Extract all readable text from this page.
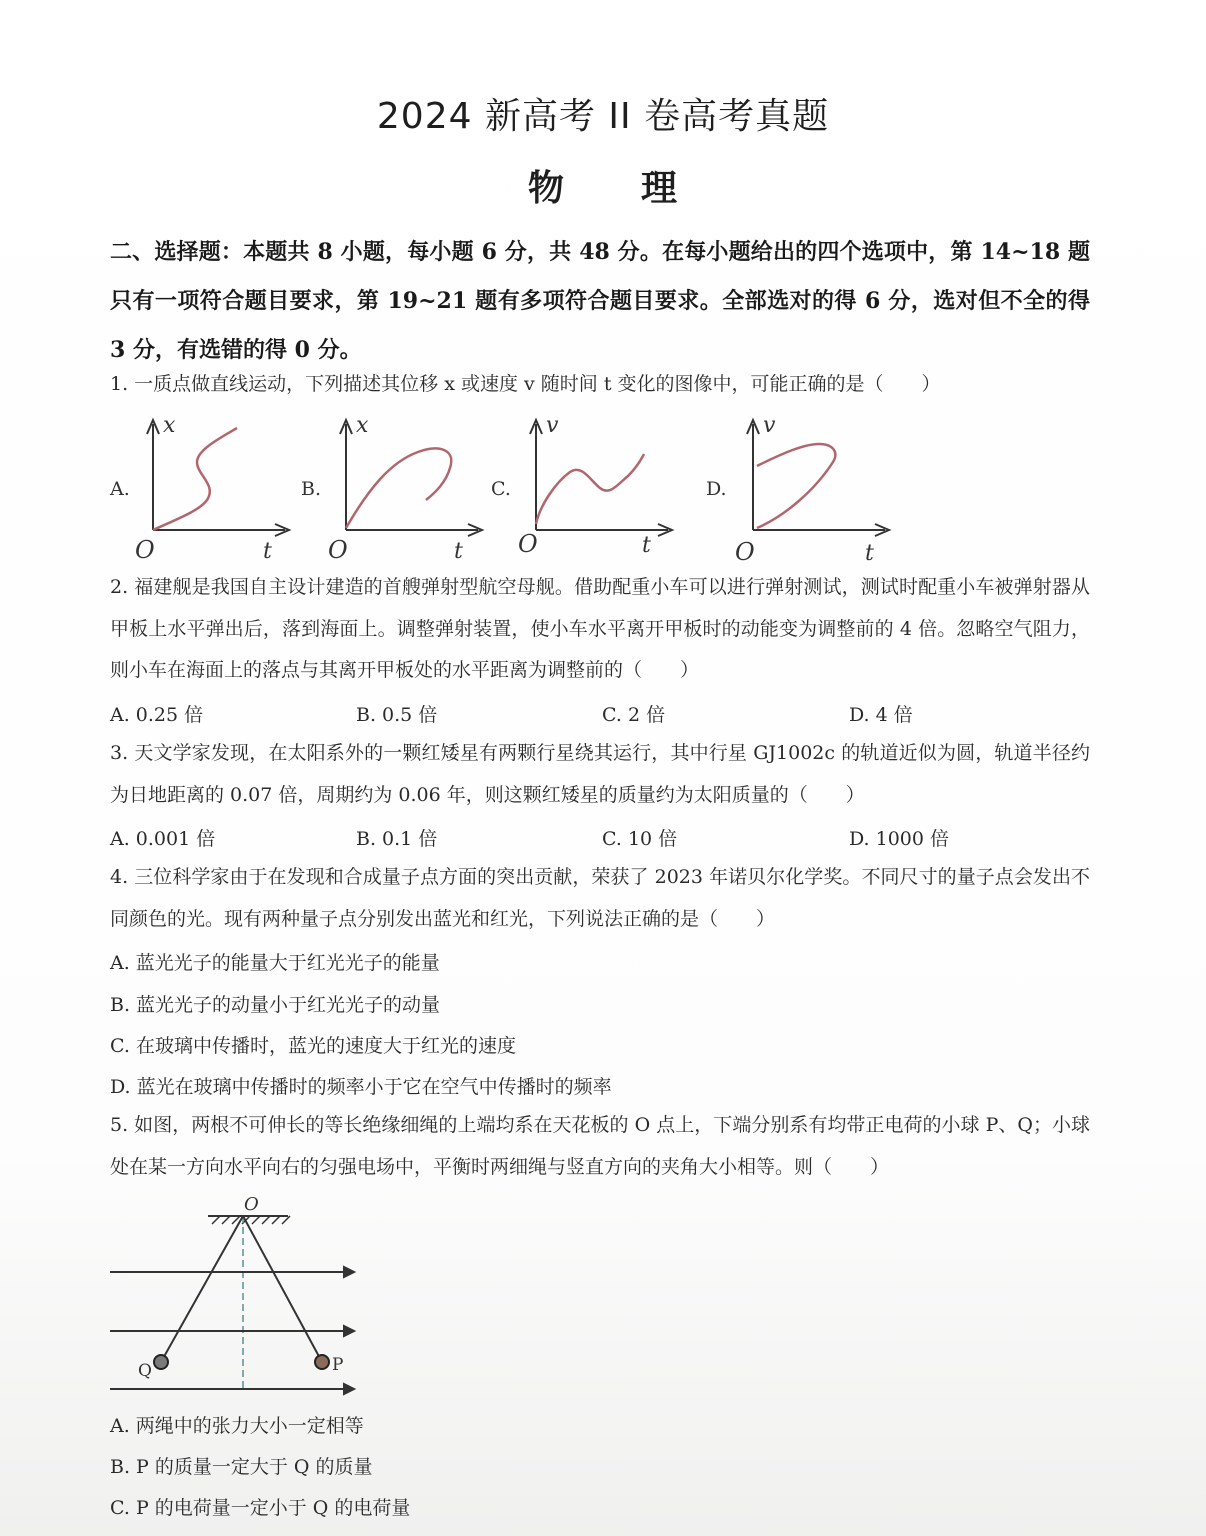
2024 新高考 II 卷高考真题
物 理
二、选择题：本题共 8 小题，每小题 6 分，共 48 分。在每小题给出的四个选项中，第 14~18 题只有一项符合题目要求，第 19~21 题有多项符合题目要求。全部选对的得 6 分，选对但不全的得 3 分，有选错的得 0 分。
1. 一质点做直线运动，下列描述其位移 x 或速度 v 随时间 t 变化的图像中，可能正确的是（　　）
A.
x
t
O
B.
x
t
O
C.
v
t
O
D.
v
t
O
2. 福建舰是我国自主设计建造的首艘弹射型航空母舰。借助配重小车可以进行弹射测试，测试时配重小车被弹射器从甲板上水平弹出后，落到海面上。调整弹射装置，使小车水平离开甲板时的动能变为调整前的 4 倍。忽略空气阻力，则小车在海面上的落点与其离开甲板处的水平距离为调整前的（　　）
A. 0.25 倍	B. 0.5 倍	C. 2 倍	D. 4 倍
3. 天文学家发现，在太阳系外的一颗红矮星有两颗行星绕其运行，其中行星 GJ1002c 的轨道近似为圆，轨道半径约为日地距离的 0.07 倍，周期约为 0.06 年，则这颗红矮星的质量约为太阳质量的（　　）
A. 0.001 倍	B. 0.1 倍	C. 10 倍	D. 1000 倍
4. 三位科学家由于在发现和合成量子点方面的突出贡献，荣获了 2023 年诺贝尔化学奖。不同尺寸的量子点会发出不同颜色的光。现有两种量子点分别发出蓝光和红光，下列说法正确的是（　　）
A. 蓝光光子的能量大于红光光子的能量
B. 蓝光光子的动量小于红光光子的动量
C. 在玻璃中传播时，蓝光的速度大于红光的速度
D. 蓝光在玻璃中传播时的频率小于它在空气中传播时的频率
5. 如图，两根不可伸长的等长绝缘细绳的上端均系在天花板的 O 点上，下端分别系有均带正电荷的小球 P、Q；小球处在某一方向水平向右的匀强电场中，平衡时两细绳与竖直方向的夹角大小相等。则（　　）
O
Q	P
A. 两绳中的张力大小一定相等
B. P 的质量一定大于 Q 的质量
C. P 的电荷量一定小于 Q 的电荷量
